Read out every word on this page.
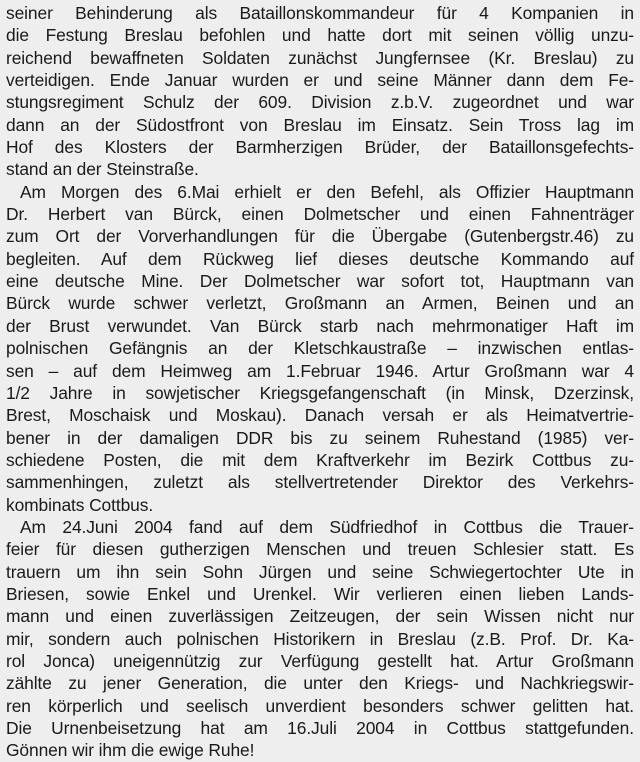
seiner Behinderung als Bataillonskommandeur für 4 Kompanien in
die Festung Breslau befohlen und hatte dort mit seinen völlig unzu-
reichend bewaffneten Soldaten zunächst Jungfernsee (Kr. Breslau) zu
verteidigen. Ende Januar wurden er und seine Männer dann dem Fe-
stungsregiment Schulz der 609. Division z.b.V. zugeordnet und war
dann an der Südostfront von Breslau im Einsatz. Sein Tross lag im
Hof des Klosters der Barmherzigen Brüder, der Bataillonsgefechts-
stand an der Steinstraße.
Am Morgen des 6.Mai erhielt er den Befehl, als Offizier Hauptmann
Dr. Herbert van Bürck, einen Dolmetscher und einen Fahnenträger
zum Ort der Vorverhandlungen für die Übergabe (Gutenbergstr.46) zu
begleiten. Auf dem Rückweg lief dieses deutsche Kommando auf
eine deutsche Mine. Der Dolmetscher war sofort tot, Hauptmann van
Bürck wurde schwer verletzt, Großmann an Armen, Beinen und an
der Brust verwundet. Van Bürck starb nach mehrmonatiger Haft im
polnischen Gefängnis an der Kletschkaustraße – inzwischen entlas-
sen – auf dem Heimweg am 1.Februar 1946. Artur Großmann war 4
1/2 Jahre in sowjetischer Kriegsgefangenschaft (in Minsk, Dzerzinsk,
Brest, Moschaisk und Moskau). Danach versah er als Heimatvertrie-
bener in der damaligen DDR bis zu seinem Ruhestand (1985) ver-
schiedene Posten, die mit dem Kraftverkehr im Bezirk Cottbus zu-
sammenhingen, zuletzt als stellvertretender Direktor des Verkehrs-
kombinats Cottbus.
Am 24.Juni 2004 fand auf dem Südfriedhof in Cottbus die Trauer-
feier für diesen gutherzigen Menschen und treuen Schlesier statt. Es
trauern um ihn sein Sohn Jürgen und seine Schwiegertochter Ute in
Briesen, sowie Enkel und Urenkel. Wir verlieren einen lieben Lands-
mann und einen zuverlässigen Zeitzeugen, der sein Wissen nicht nur
mir, sondern auch polnischen Historikern in Breslau (z.B. Prof. Dr. Ka-
rol Jonca) uneigennützig zur Verfügung gestellt hat. Artur Großmann
zählte zu jener Generation, die unter den Kriegs- und Nachkriegswir-
ren körperlich und seelisch unverdient besonders schwer gelitten hat.
Die Urnenbeisetzung hat am 16.Juli 2004 in Cottbus stattgefunden.
Gönnen wir ihm die ewige Ruhe!
